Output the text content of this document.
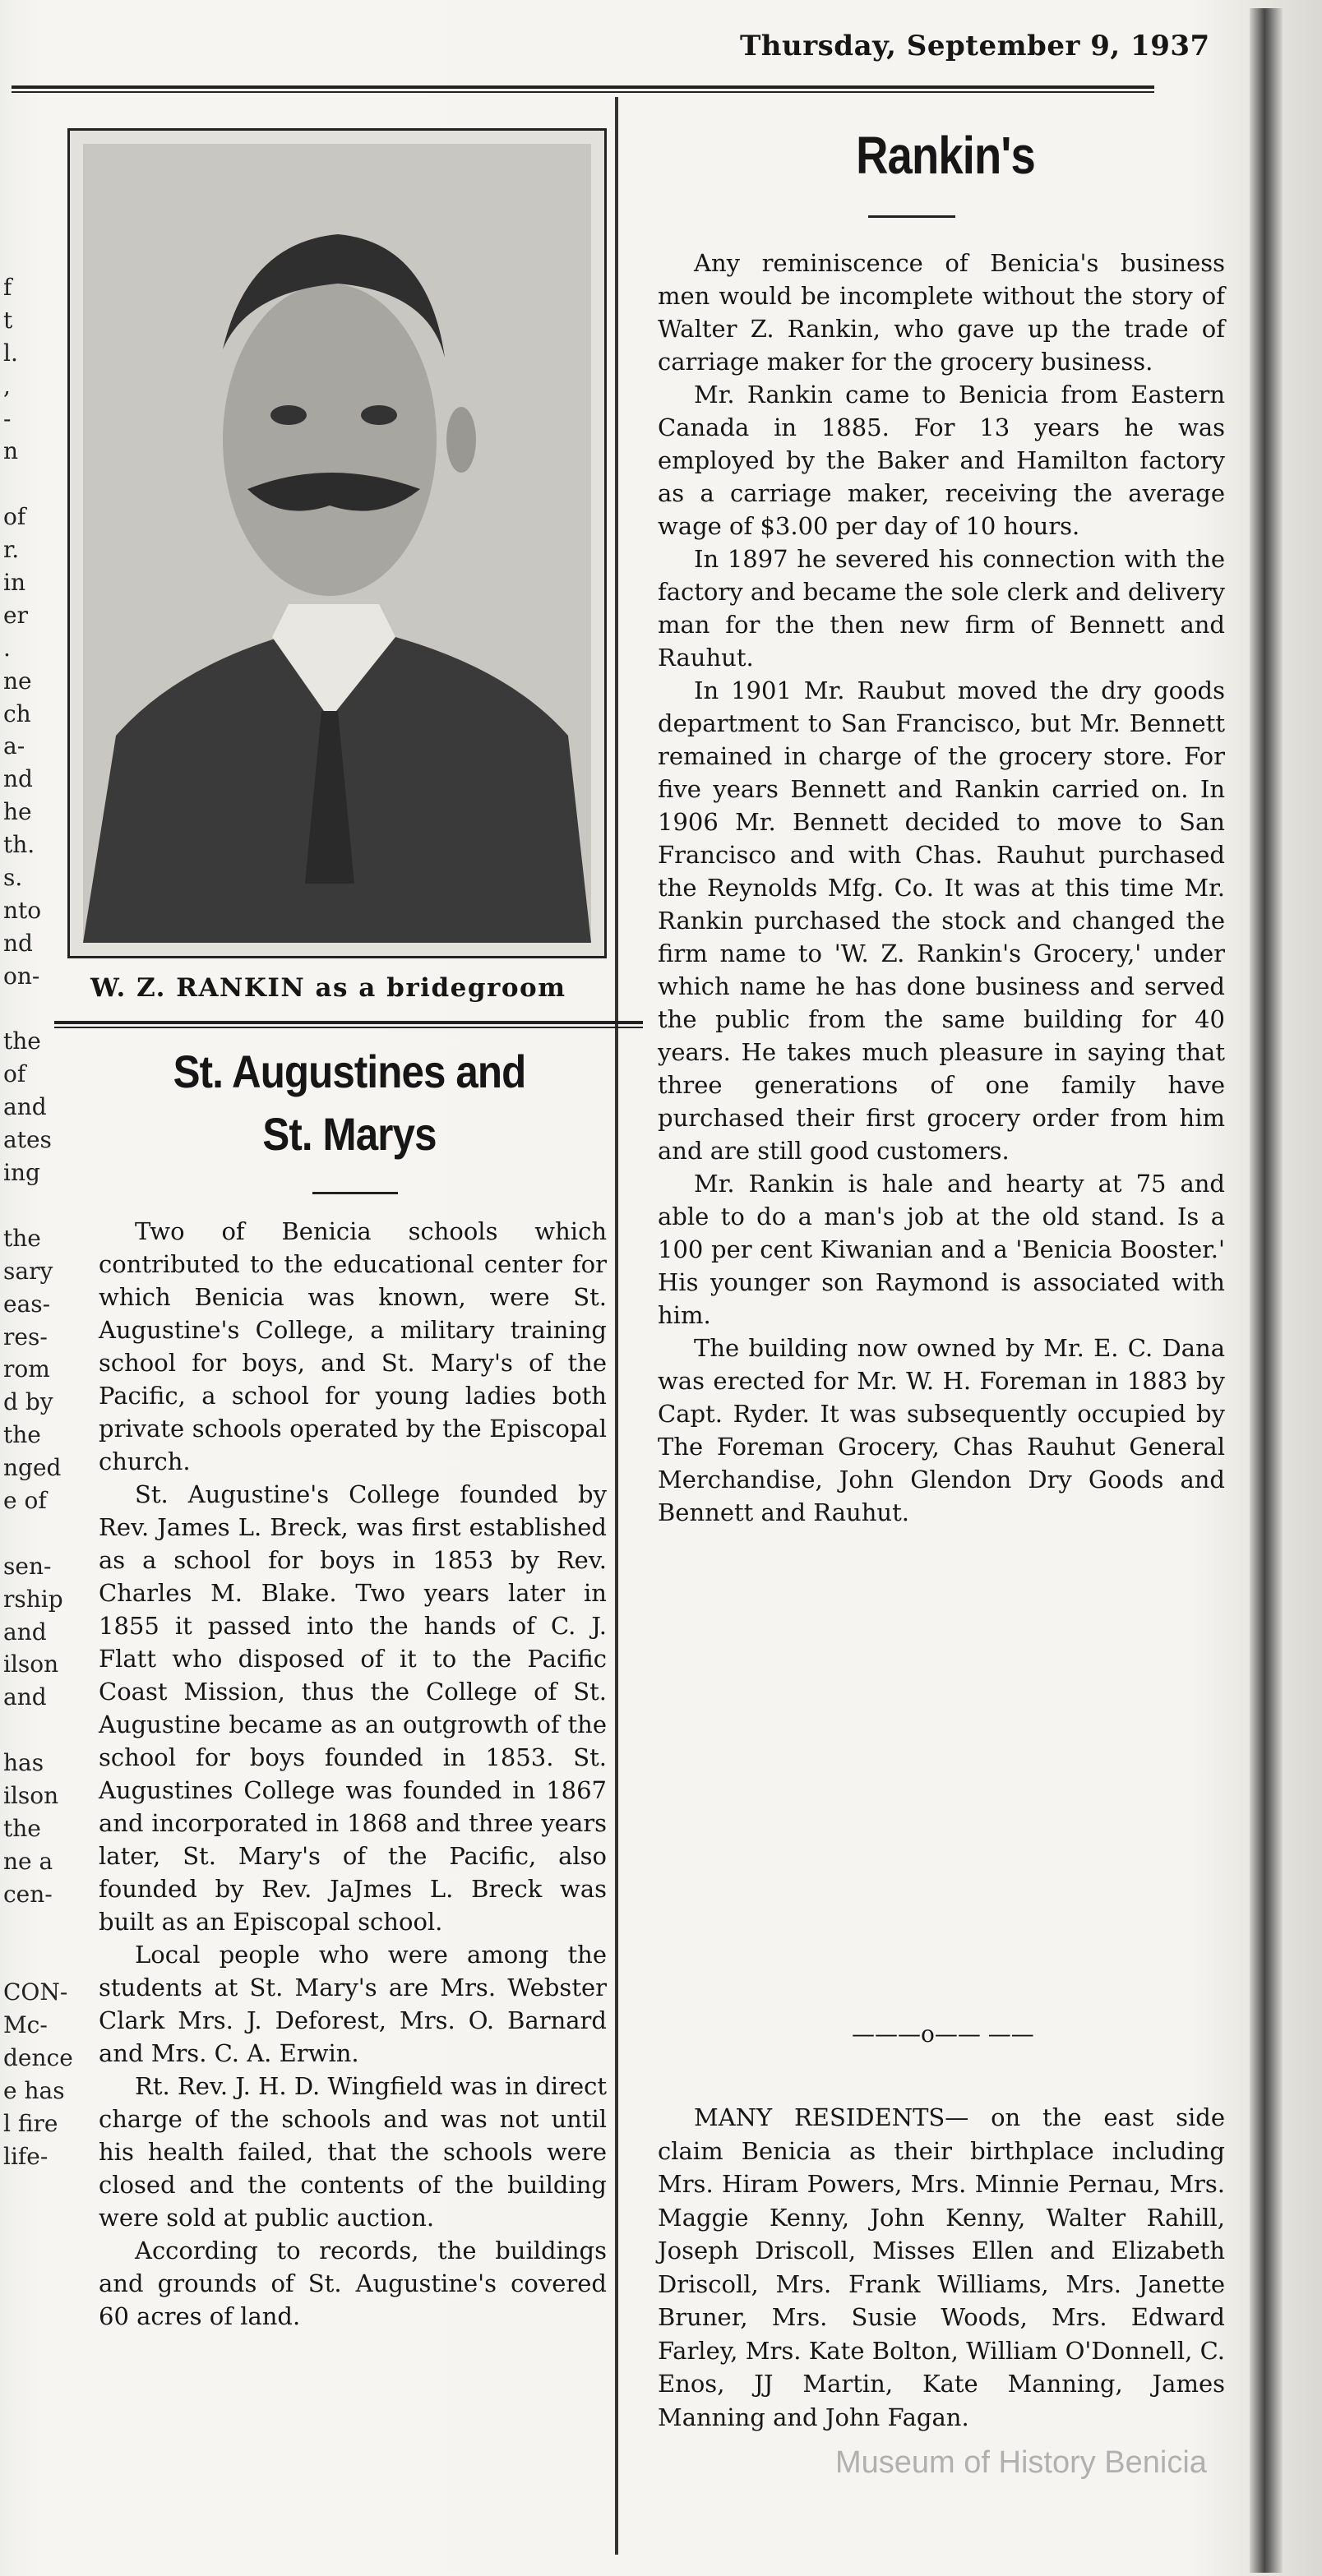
Thursday, September 9, 1937
f
t
l.
,
-
n
of
r.
in
er
.
ne
ch
a-
nd
he
th.
s.
nto
nd
on-
the
of
and
ates
ing
the
sary
eas-
res-
rom
d by
the
nged
e of
sen-
rship
and
ilson
and
has
ilson
the
ne a
cen-
CON-
Mc-
dence
e has
l fire
life-
W. Z. RANKIN as a bridegroom
St. Augustines and
St. Marys

Two of Benicia schools which contributed to the educational center for which Benicia was known, were St. Augustine's College, a military training school for boys, and St. Mary's of the Pacific, a school for young ladies both private schools operated by the Episcopal church.

St. Augustine's College founded by Rev. James L. Breck, was first established as a school for boys in 1853 by Rev. Charles M. Blake. Two years later in 1855 it passed into the hands of C. J. Flatt who disposed of it to the Pacific Coast Mission, thus the College of St. Augustine became as an outgrowth of the school for boys founded in 1853. St. Augustines College was founded in 1867 and incorporated in 1868 and three years later, St. Mary's of the Pacific, also founded by Rev. JaJmes L. Breck was built as an Episcopal school.

Local people who were among the students at St. Mary's are Mrs. Webster Clark Mrs. J. Deforest, Mrs. O. Barnard and Mrs. C. A. Erwin.

Rt. Rev. J. H. D. Wingfield was in direct charge of the schools and was not until his health failed, that the schools were closed and the contents of the building were sold at public auction.

According to records, the buildings and grounds of St. Augustine's covered 60 acres of land.

Rankin's

Any reminiscence of Benicia's business men would be incomplete without the story of Walter Z. Rankin, who gave up the trade of carriage maker for the grocery business.

Mr. Rankin came to Benicia from Eastern Canada in 1885. For 13 years he was employed by the Baker and Hamilton factory as a carriage maker, receiving the average wage of $3.00 per day of 10 hours.

In 1897 he severed his connection with the factory and became the sole clerk and delivery man for the then new firm of Bennett and Rauhut.

In 1901 Mr. Raubut moved the dry goods department to San Francisco, but Mr. Bennett remained in charge of the grocery store. For five years Bennett and Rankin carried on. In 1906 Mr. Bennett decided to move to San Francisco and with Chas. Rauhut purchased the Reynolds Mfg. Co. It was at this time Mr. Rankin purchased the stock and changed the firm name to 'W. Z. Rankin's Grocery,' under which name he has done business and served the public from the same building for 40 years. He takes much pleasure in saying that three generations of one family have purchased their first grocery order from him and are still good customers.

Mr. Rankin is hale and hearty at 75 and able to do a man's job at the old stand. Is a 100 per cent Kiwanian and a 'Benicia Booster.' His younger son Raymond is associated with him.

The building now owned by Mr. E. C. Dana was erected for Mr. W. H. Foreman in 1883 by Capt. Ryder. It was subsequently occupied by The Foreman Grocery, Chas Rauhut General Merchandise, John Glendon Dry Goods and Bennett and Rauhut.

———o—— ——

MANY RESIDENTS— on the east side claim Benicia as their birthplace including Mrs. Hiram Powers, Mrs. Minnie Pernau, Mrs. Maggie Kenny, John Kenny, Walter Rahill, Joseph Driscoll, Misses Ellen and Elizabeth Driscoll, Mrs. Frank Williams, Mrs. Janette Bruner, Mrs. Susie Woods, Mrs. Edward Farley, Mrs. Kate Bolton, William O'Donnell, C. Enos, JJ Martin, Kate Manning, James Manning and John Fagan.

Museum of History Benicia
